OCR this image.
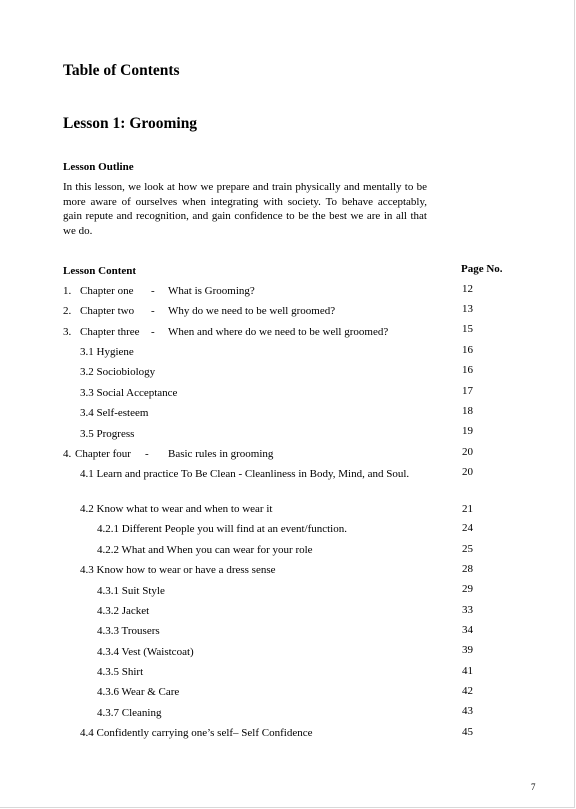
Table of Contents
Lesson 1: Grooming
Lesson Outline
In this lesson, we look at how we prepare and train physically and mentally to be more aware of ourselves when integrating with society. To behave acceptably, gain repute and recognition, and gain confidence to be the best we are in all that we do.
Lesson Content	Page No.
1. Chapter one - What is Grooming?	12
2. Chapter two - Why do we need to be well groomed?	13
3. Chapter three - When and where do we need to be well groomed?	15
3.1 Hygiene	16
3.2 Sociobiology	16
3.3 Social Acceptance	17
3.4 Self-esteem	18
3.5 Progress	19
4. Chapter four - Basic rules in grooming	20
4.1 Learn and practice To Be Clean - Cleanliness in Body, Mind, and Soul.	20
4.2 Know what to wear and when to wear it	21
4.2.1 Different People you will find at an event/function.	24
4.2.2 What and When you can wear for your role	25
4.3 Know how to wear or have a dress sense	28
4.3.1 Suit Style	29
4.3.2 Jacket	33
4.3.3 Trousers	34
4.3.4 Vest (Waistcoat)	39
4.3.5 Shirt	41
4.3.6 Wear & Care	42
4.3.7 Cleaning	43
4.4 Confidently carrying one’s self– Self Confidence	45
7
